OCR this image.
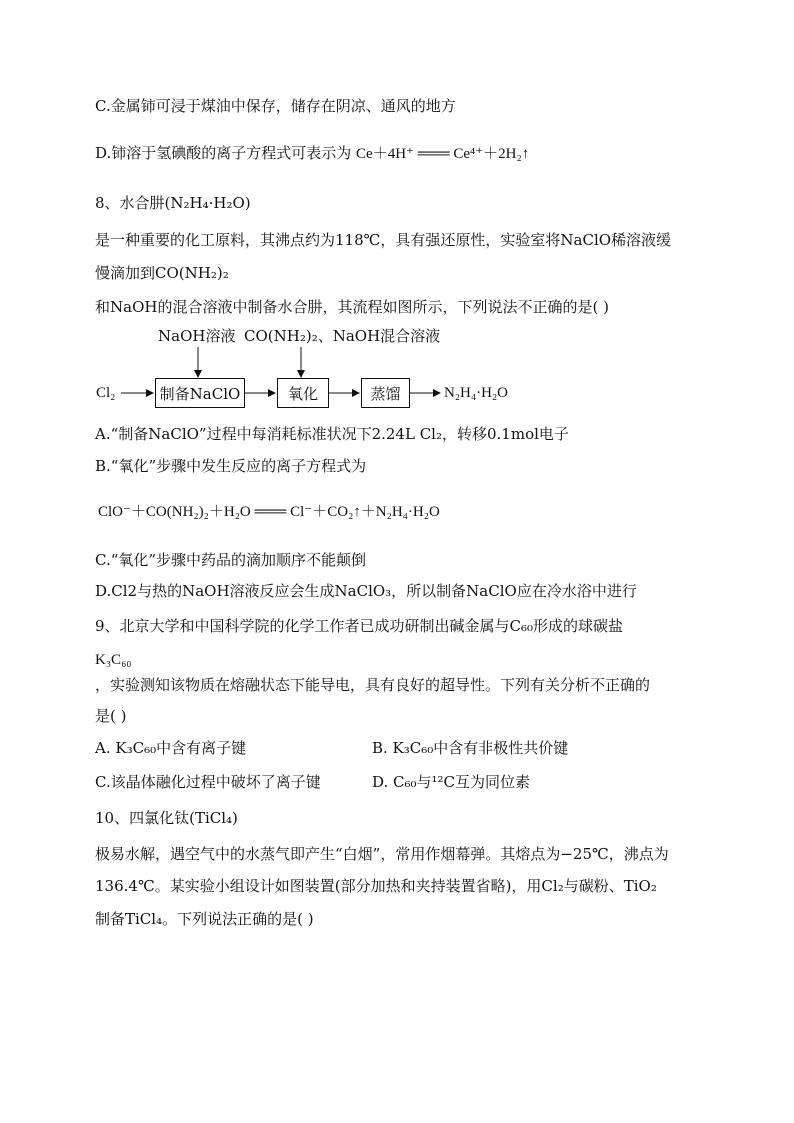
C.金属铈可浸于煤油中保存，储存在阴凉、通风的地方
D.铈溶于氢碘酸的离子方程式可表示为 Ce＋4H⁺ ═══ Ce⁴⁺＋2H₂↑
8、水合肼(N₂H₄·H₂O)
是一种重要的化工原料，其沸点约为118℃，具有强还原性，实验室将NaClO稀溶液缓
慢滴加到CO(NH₂)₂
和NaOH的混合溶液中制备水合肼，其流程如图所示，下列说法不正确的是( )
Cl₂
NaOH溶液 CO(NH₂)₂、NaOH混合溶液
制备NaClO	氧化	蒸馏	N₂H₄·H₂O
A.“制备NaClO”过程中每消耗标准状况下2.24L Cl₂，转移0.1mol电子
B.“氧化”步骤中发生反应的离子方程式为
ClO⁻＋CO(NH₂)₂＋H₂O ═══ Cl⁻＋CO₂↑＋N₂H₄·H₂O
C.“氧化”步骤中药品的滴加顺序不能颠倒
D.Cl2与热的NaOH溶液反应会生成NaClO₃，所以制备NaClO应在冷水浴中进行
9、北京大学和中国科学院的化学工作者已成功研制出碱金属与C₆₀形成的球碳盐
K₃C₆₀
，实验测知该物质在熔融状态下能导电，具有良好的超导性。下列有关分析不正确的
是( )
A. K₃C₆₀中含有离子键	B. K₃C₆₀中含有非极性共价键
C.该晶体融化过程中破坏了离子键	D. C₆₀与¹²C互为同位素
10、四氯化钛(TiCl₄)
极易水解，遇空气中的水蒸气即产生“白烟”，常用作烟幕弹。其熔点为−25℃，沸点为
136.4℃。某实验小组设计如图装置(部分加热和夹持装置省略)，用Cl₂与碳粉、TiO₂
制备TiCl₄。下列说法正确的是( )
